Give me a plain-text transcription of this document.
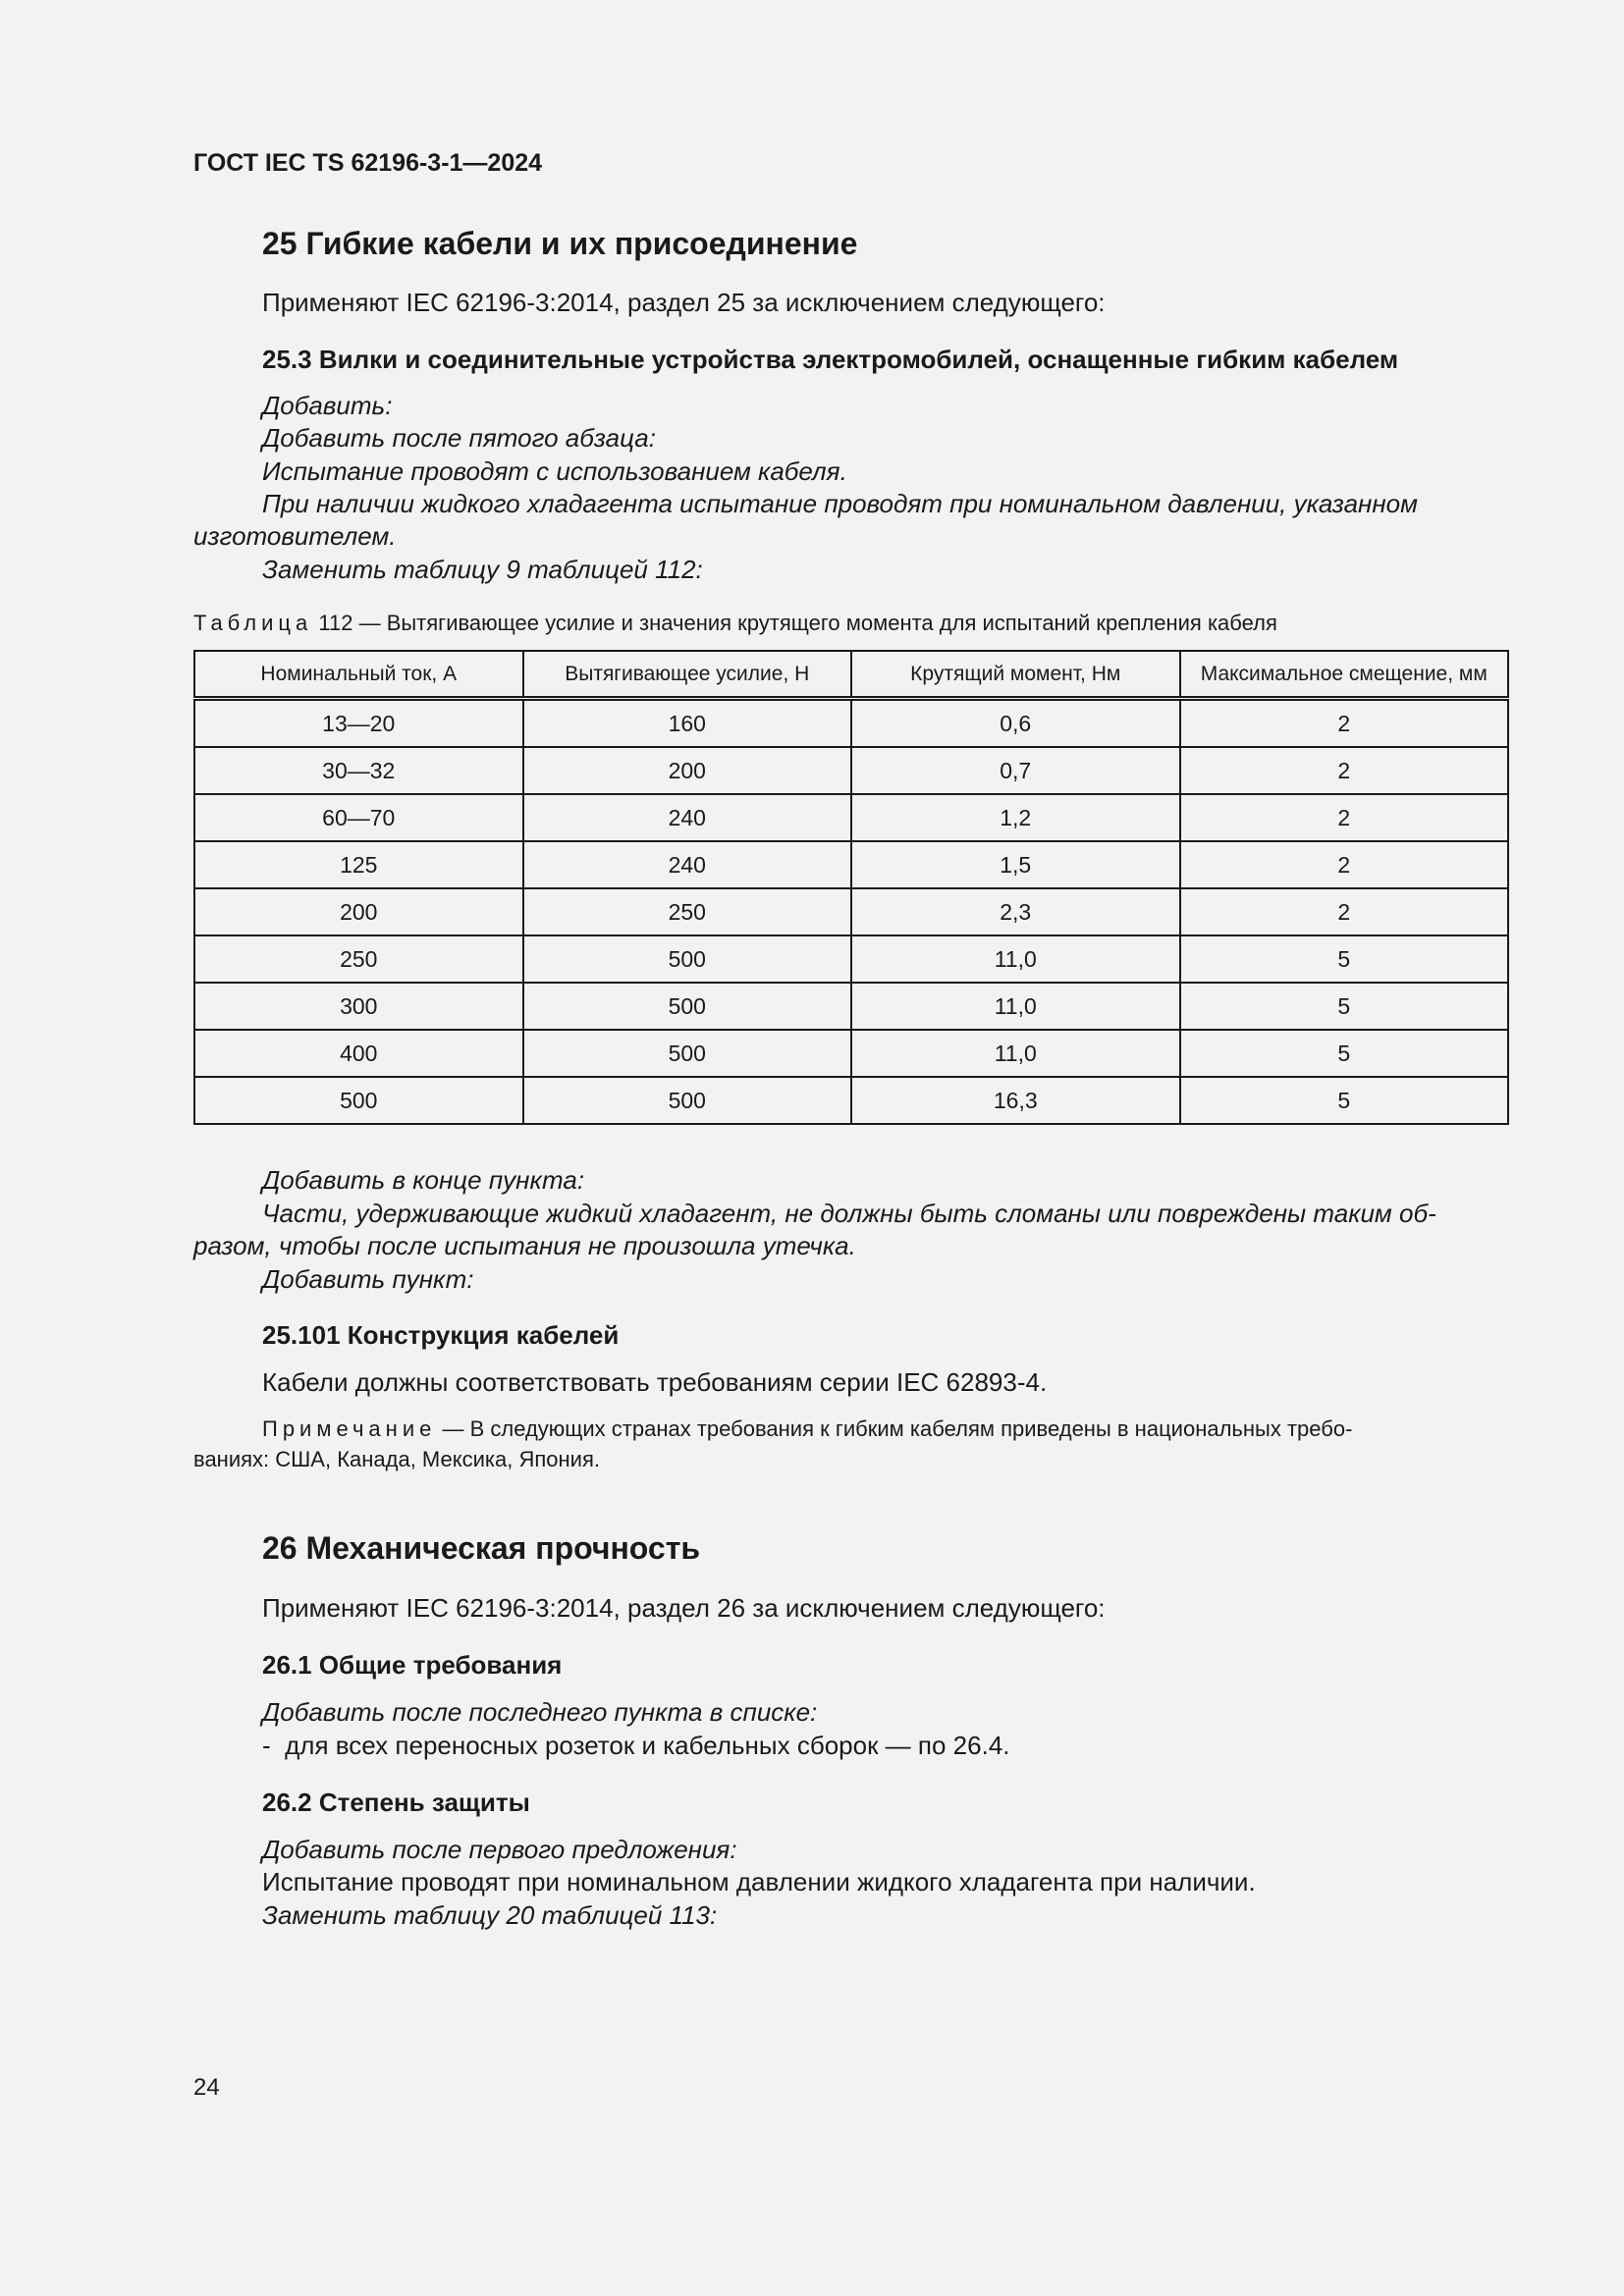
ГОСТ IEC TS 62196-3-1—2024
25 Гибкие кабели и их присоединение
Применяют IEC 62196-3:2014, раздел 25 за исключением следующего:
25.3 Вилки и соединительные устройства электромобилей, оснащенные гибким кабелем
Добавить:
Добавить после пятого абзаца:
Испытание проводят с использованием кабеля.
При наличии жидкого хладагента испытание проводят при номинальном давлении, указанном
изготовителем.
Заменить таблицу 9 таблицей 112:
Таблица 112 — Вытягивающее усилие и значения крутящего момента для испытаний крепления кабеля
Номинальный ток, А	Вытягивающее усилие, Н	Крутящий момент, Нм	Максимальное смещение, мм
13—20	160	0,6	2
30—32	200	0,7	2
60—70	240	1,2	2
125	240	1,5	2
200	250	2,3	2
250	500	11,0	5
300	500	11,0	5
400	500	11,0	5
500	500	16,3	5
Добавить в конце пункта:
Части, удерживающие жидкий хладагент, не должны быть сломаны или повреждены таким об-
разом, чтобы после испытания не произошла утечка.
Добавить пункт:
25.101 Конструкция кабелей
Кабели должны соответствовать требованиям серии IEC 62893-4.
Примечание — В следующих странах требования к гибким кабелям приведены в национальных требо-
ваниях: США, Канада, Мексика, Япония.
26 Механическая прочность
Применяют IEC 62196-3:2014, раздел 26 за исключением следующего:
26.1 Общие требования
Добавить после последнего пункта в списке:
- для всех переносных розеток и кабельных сборок — по 26.4.
26.2 Степень защиты
Добавить после первого предложения:
Испытание проводят при номинальном давлении жидкого хладагента при наличии.
Заменить таблицу 20 таблицей 113:
24
